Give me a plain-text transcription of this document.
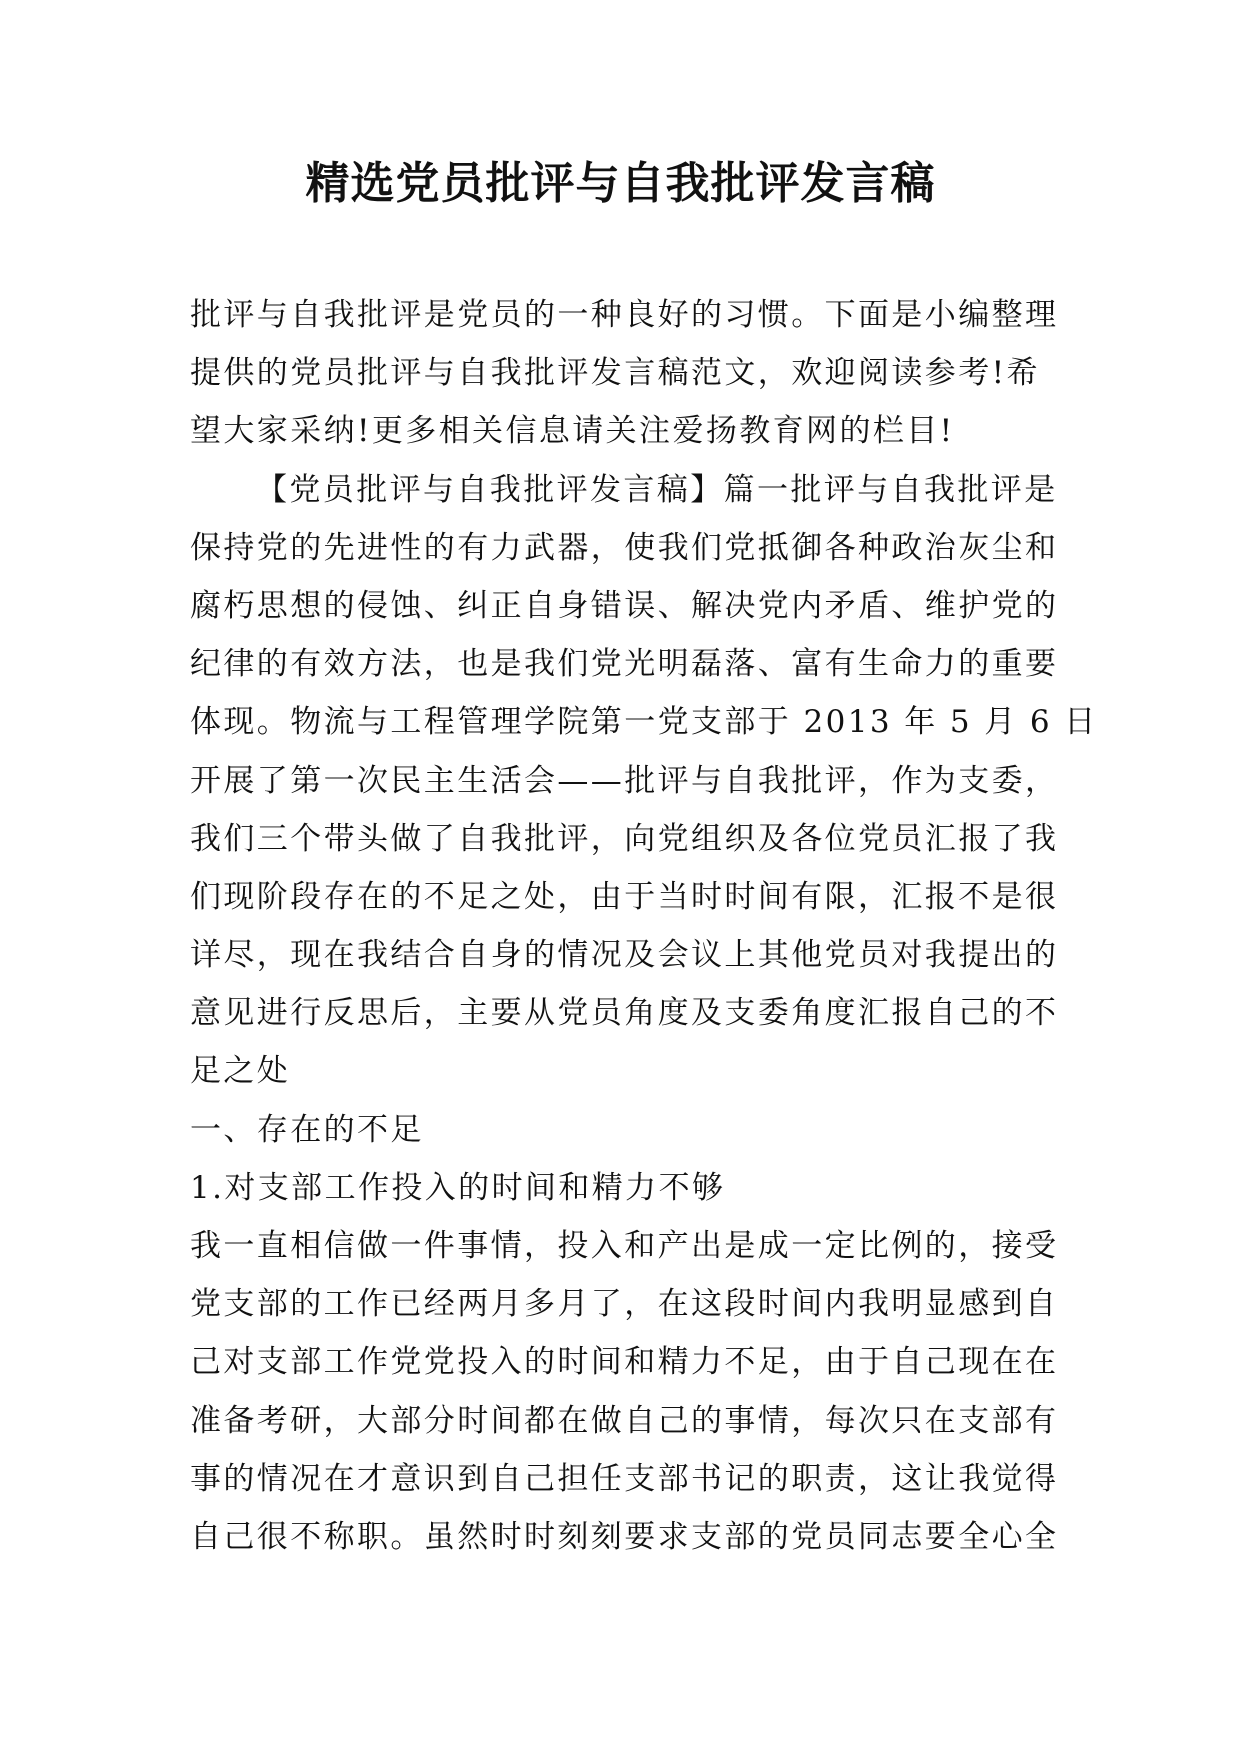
精选党员批评与自我批评发言稿
批评与自我批评是党员的一种良好的习惯。下面是小编整理
提供的党员批评与自我批评发言稿范文，欢迎阅读参考!希
望大家采纳!更多相关信息请关注爱扬教育网的栏目!
【党员批评与自我批评发言稿】篇一批评与自我批评是
保持党的先进性的有力武器，使我们党抵御各种政治灰尘和
腐朽思想的侵蚀、纠正自身错误、解决党内矛盾、维护党的
纪律的有效方法，也是我们党光明磊落、富有生命力的重要
体现。物流与工程管理学院第一党支部于 2013 年 5 月 6 日
开展了第一次民主生活会——批评与自我批评，作为支委，
我们三个带头做了自我批评，向党组织及各位党员汇报了我
们现阶段存在的不足之处，由于当时时间有限，汇报不是很
详尽，现在我结合自身的情况及会议上其他党员对我提出的
意见进行反思后，主要从党员角度及支委角度汇报自己的不
足之处
一、存在的不足
1.对支部工作投入的时间和精力不够
我一直相信做一件事情，投入和产出是成一定比例的，接受
党支部的工作已经两月多月了，在这段时间内我明显感到自
己对支部工作党党投入的时间和精力不足，由于自己现在在
准备考研，大部分时间都在做自己的事情，每次只在支部有
事的情况在才意识到自己担任支部书记的职责，这让我觉得
自己很不称职。虽然时时刻刻要求支部的党员同志要全心全
